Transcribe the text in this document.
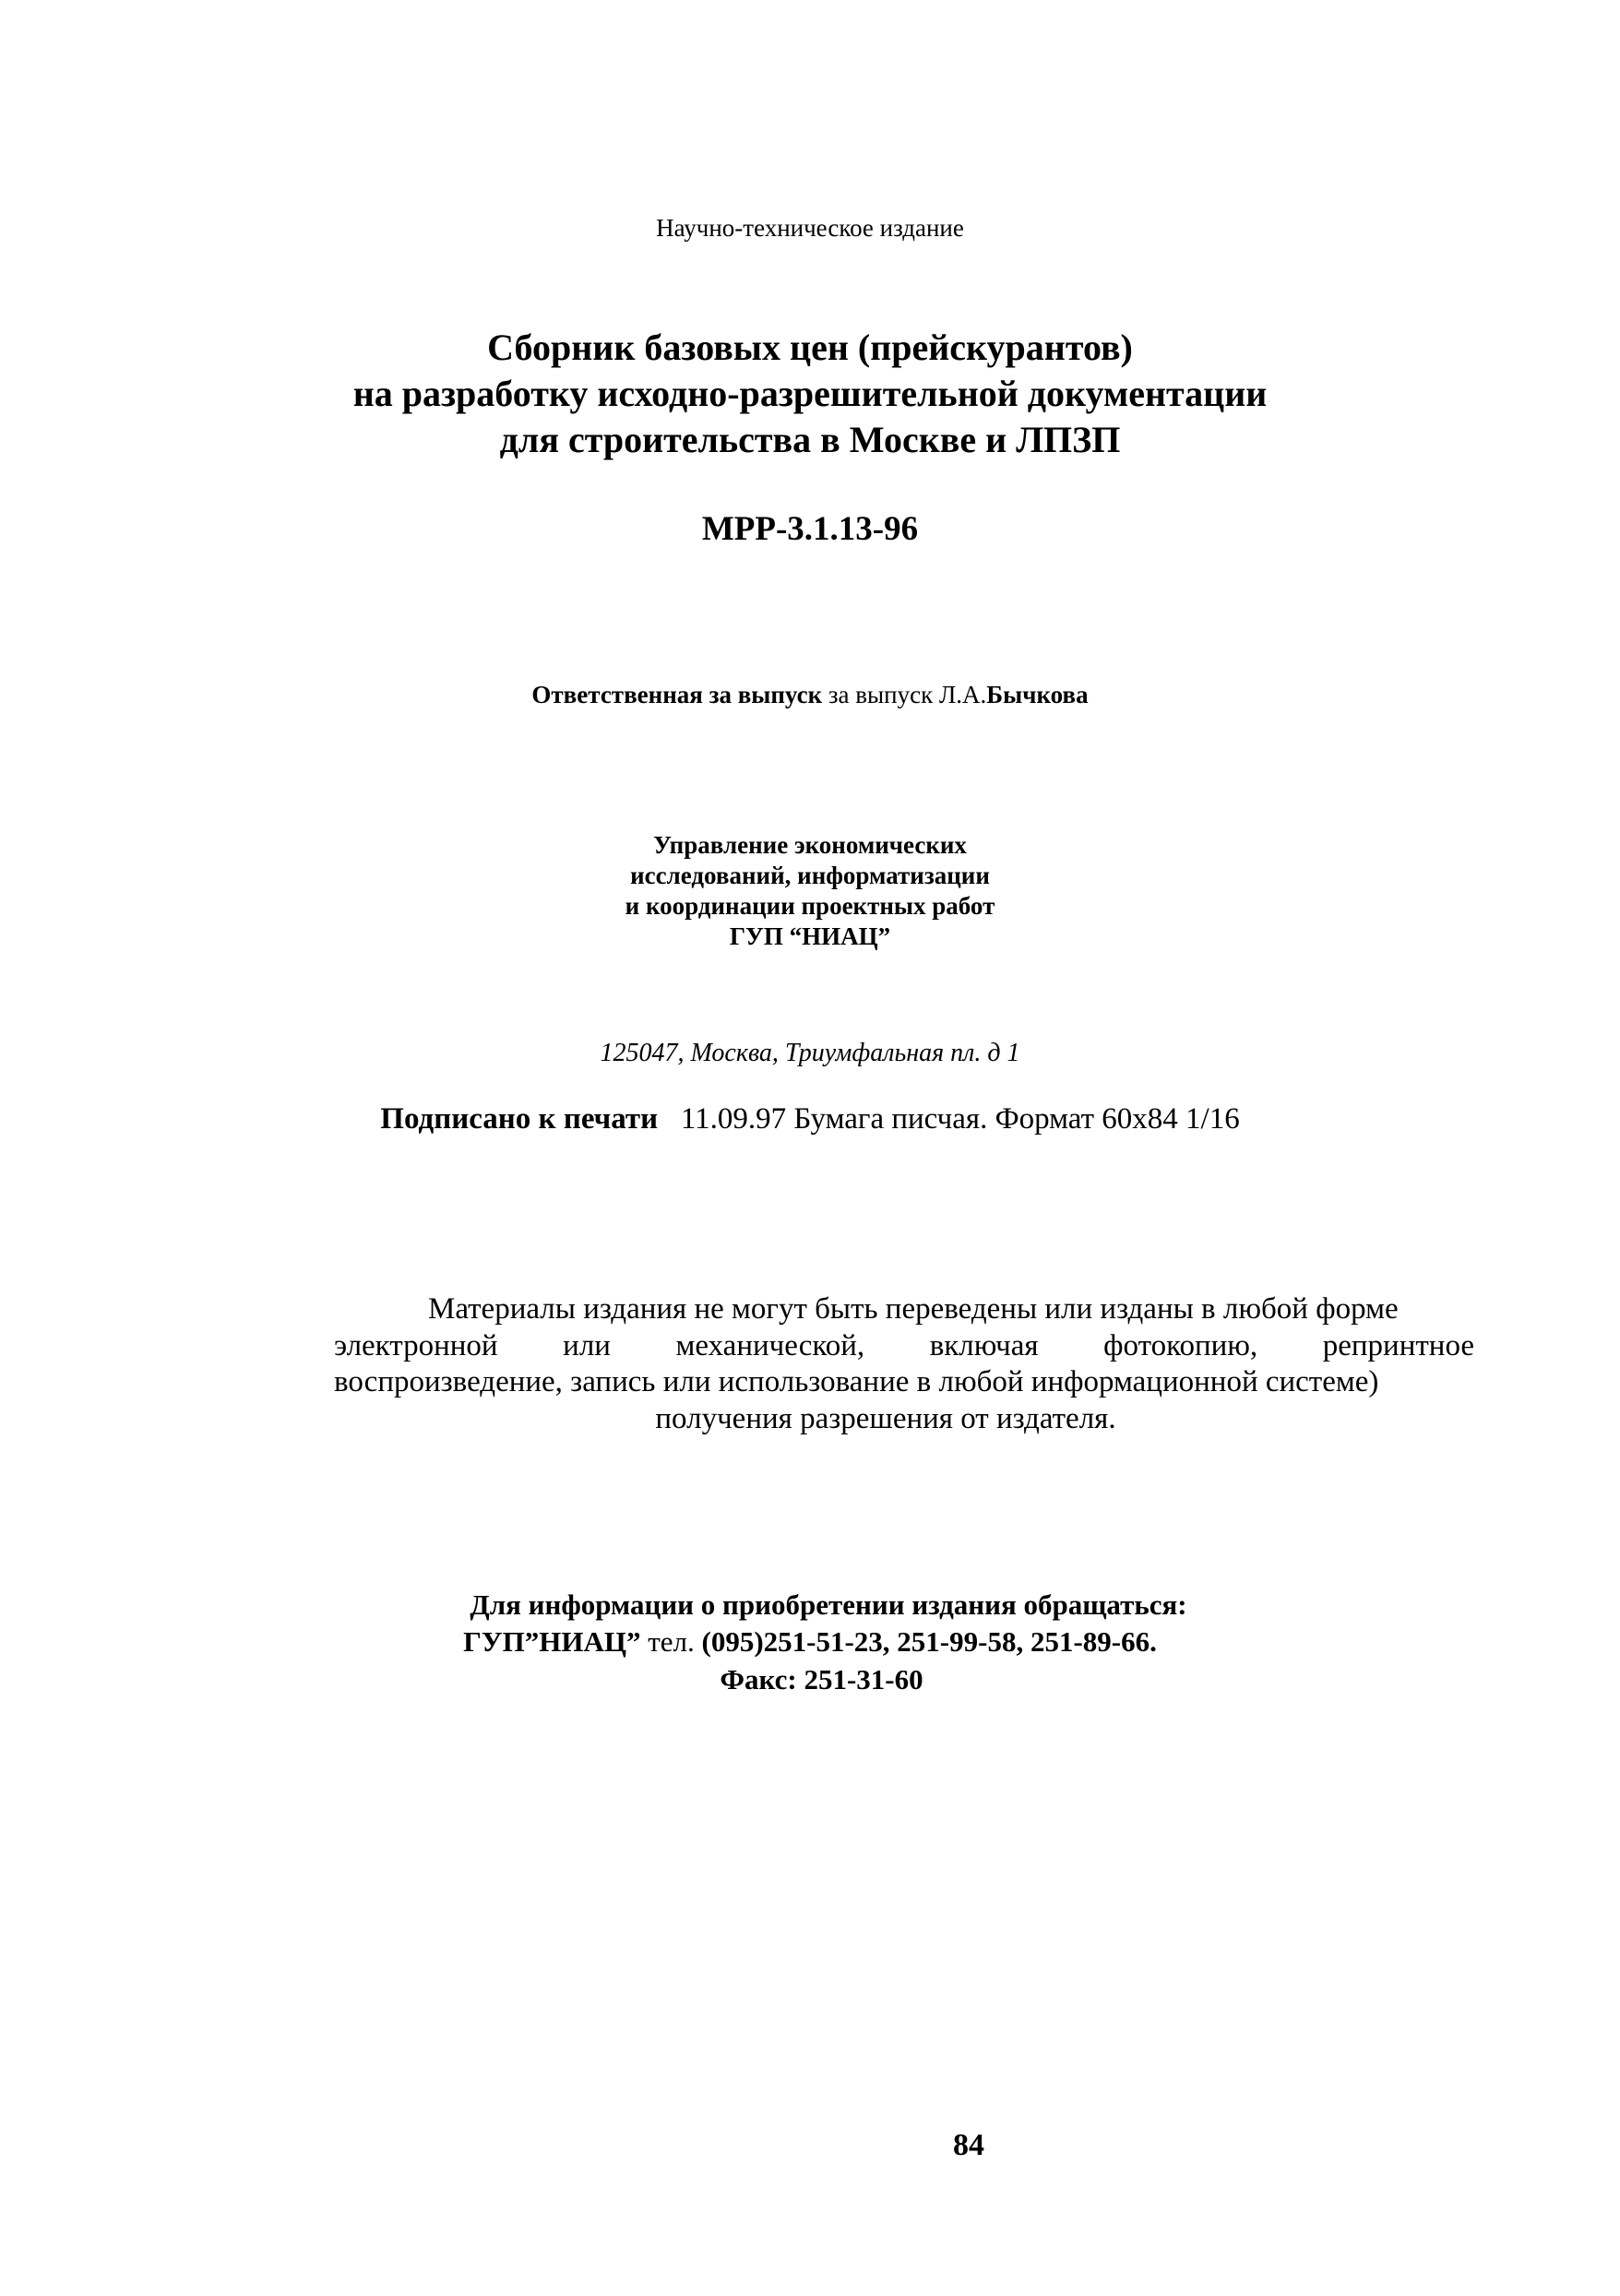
Научно-техническое издание
Сборник базовых цен (прейскурантов)
на разработку исходно-разрешительной документации
для строительства в Москве и ЛПЗП
МРР-3.1.13-96
Ответственная за выпуск за выпуск Л.А.Бычкова
Управление экономических
исследований, информатизации
и координации проектных работ
ГУП “НИАЦ”
125047, Москва, Триумфальная пл. д 1
Подписано к печати 11.09.97 Бумага писчая. Формат 60x84 1/16
Материалы издания не могут быть переведены или изданы в любой форме
электронной или механической, включая фотокопию, репринтное
воспроизведение, запись или использование в любой информационной системе)
получения разрешения от издателя.
Для информации о приобретении издания обращаться:
ГУП”НИАЦ” тел. (095)251-51-23, 251-99-58, 251-89-66.
Факс: 251-31-60
84
